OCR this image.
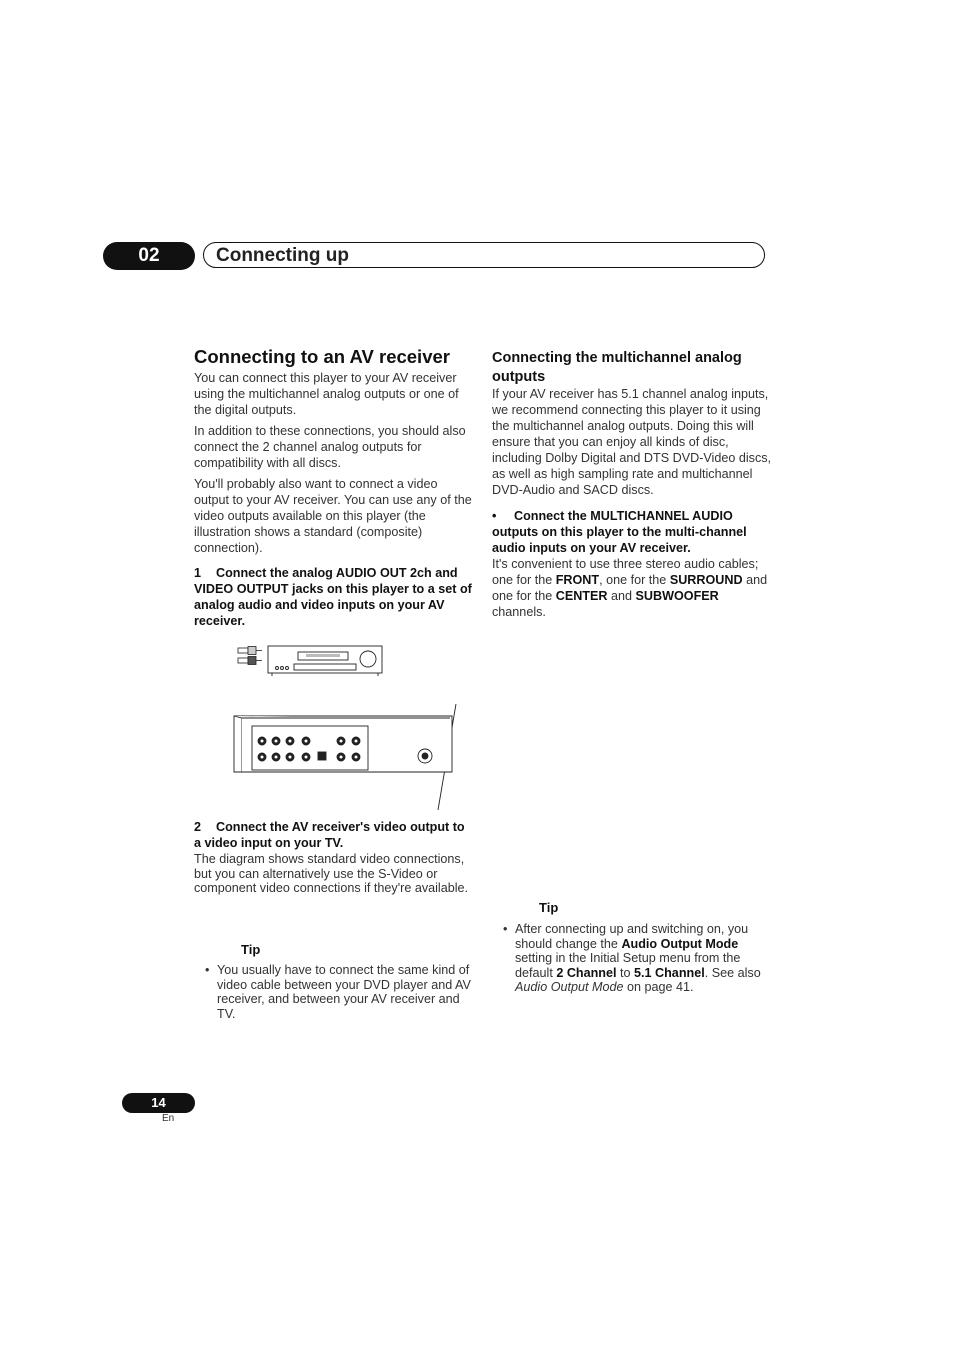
02	Connecting up
Connecting to an AV receiver

You can connect this player to your AV receiver using the multichannel analog outputs or one of the digital outputs.

In addition to these connections, you should also connect the 2 channel analog outputs for compatibility with all discs.

You'll probably also want to connect a video output to your AV receiver. You can use any of the video outputs available on this player (the illustration shows a standard (composite) connection).

1 Connect the analog AUDIO OUT 2ch and VIDEO OUTPUT jacks on this player to a set of analog audio and video inputs on your AV receiver.
2 Connect the AV receiver's video output to a video input on your TV.

The diagram shows standard video connections, but you can alternatively use the S-Video or component video connections if they're available.

Tip
• You usually have to connect the same kind of video cable between your DVD player and AV receiver, and between your AV receiver and TV.
Connecting the multichannel analog outputs

If your AV receiver has 5.1 channel analog inputs, we recommend connecting this player to it using the multichannel analog outputs. Doing this will ensure that you can enjoy all kinds of disc, including Dolby Digital and DTS DVD-Video discs, as well as high sampling rate and multichannel DVD-Audio and SACD discs.

• Connect the MULTICHANNEL AUDIO outputs on this player to the multi-channel audio inputs on your AV receiver.

It's convenient to use three stereo audio cables; one for the FRONT, one for the SURROUND and one for the CENTER and SUBWOOFER channels.

Tip
• After connecting up and switching on, you should change the Audio Output Mode setting in the Initial Setup menu from the default 2 Channel to 5.1 Channel. See also Audio Output Mode on page 41.
14
En
